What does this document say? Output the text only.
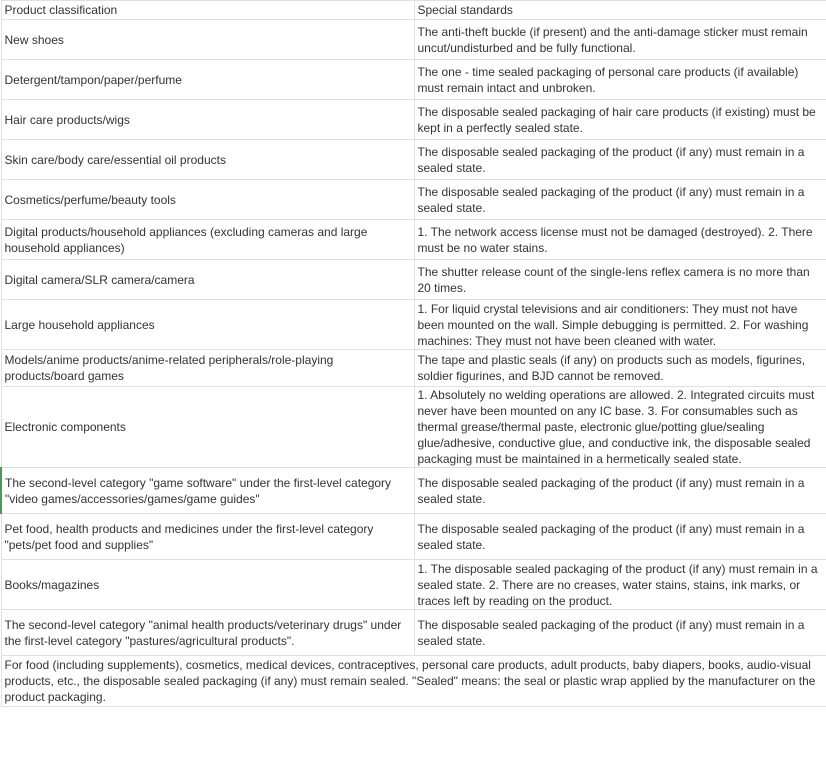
Product classification	Special standards
New shoes	The anti-theft buckle (if present) and the anti-damage sticker must remain uncut/undisturbed and be fully functional.
Detergent/tampon/paper/perfume	The one - time sealed packaging of personal care products (if available) must remain intact and unbroken.
Hair care products/wigs	The disposable sealed packaging of hair care products (if existing) must be kept in a perfectly sealed state.
Skin care/body care/essential oil products	The disposable sealed packaging of the product (if any) must remain in a sealed state.
Cosmetics/perfume/beauty tools	The disposable sealed packaging of the product (if any) must remain in a sealed state.
Digital products/household appliances (excluding cameras and large household appliances)	1. The network access license must not be damaged (destroyed). 2. There must be no water stains.
Digital camera/SLR camera/camera	The shutter release count of the single-lens reflex camera is no more than 20 times.
Large household appliances	1. For liquid crystal televisions and air conditioners: They must not have been mounted on the wall. Simple debugging is permitted. 2. For washing machines: They must not have been cleaned with water.
Models/anime products/anime-related peripherals/role-playing products/board games	The tape and plastic seals (if any) on products such as models, figurines, soldier figurines, and BJD cannot be removed.
Electronic components	1. Absolutely no welding operations are allowed. 2. Integrated circuits must never have been mounted on any IC base. 3. For consumables such as thermal grease/thermal paste, electronic glue/potting glue/sealing glue/adhesive, conductive glue, and conductive ink, the disposable sealed packaging must be maintained in a hermetically sealed state.
The second-level category "game software" under the first-level category "video games/accessories/games/game guides"	The disposable sealed packaging of the product (if any) must remain in a sealed state.
Pet food, health products and medicines under the first-level category "pets/pet food and supplies"	The disposable sealed packaging of the product (if any) must remain in a sealed state.
Books/magazines	1. The disposable sealed packaging of the product (if any) must remain in a sealed state. 2. There are no creases, water stains, stains, ink marks, or traces left by reading on the product.
The second-level category "animal health products/veterinary drugs" under the first-level category "pastures/agricultural products".	The disposable sealed packaging of the product (if any) must remain in a sealed state.
For food (including supplements), cosmetics, medical devices, contraceptives, personal care products, adult products, baby diapers, books, audio-visual products, etc., the disposable sealed packaging (if any) must remain sealed. "Sealed" means: the seal or plastic wrap applied by the manufacturer on the product packaging.	
